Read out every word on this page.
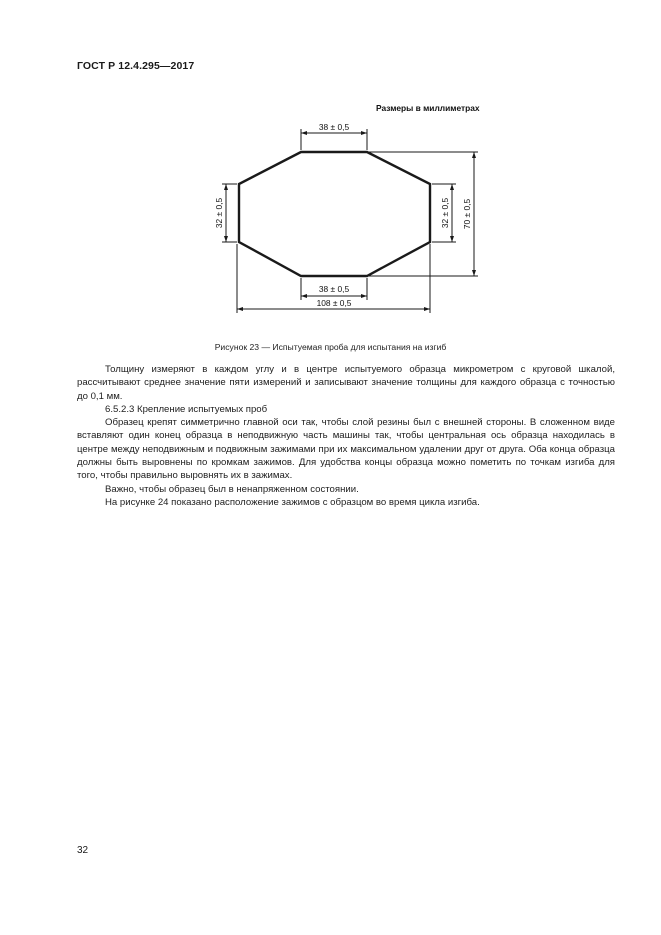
ГОСТ Р 12.4.295—2017
Размеры в миллиметрах
38 ± 0,5
38 ± 0,5
108 ± 0,5
32 ± 0,5	32 ± 0,5 70 ± 0,5
Рисунок 23 — Испытуемая проба для испытания на изгиб

Толщину измеряют в каждом углу и в центре испытуемого образца микрометром с круговой шкалой, рассчитывают среднее значение пяти измерений и записывают значение толщины для каждого образца с точностью до 0,1 мм.

6.5.2.3 Крепление испытуемых проб

Образец крепят симметрично главной оси так, чтобы слой резины был с внешней стороны. В сложенном виде вставляют один конец образца в неподвижную часть машины так, чтобы центральная ось образца находилась в центре между неподвижным и подвижным зажимами при их максимальном удалении друг от друга. Оба конца образца должны быть выровнены по кромкам зажимов. Для удобства концы образца можно пометить по точкам изгиба для того, чтобы правильно выровнять их в зажимах.

Важно, чтобы образец был в ненапряженном состоянии.

На рисунке 24 показано расположение зажимов с образцом во время цикла изгиба.

32
